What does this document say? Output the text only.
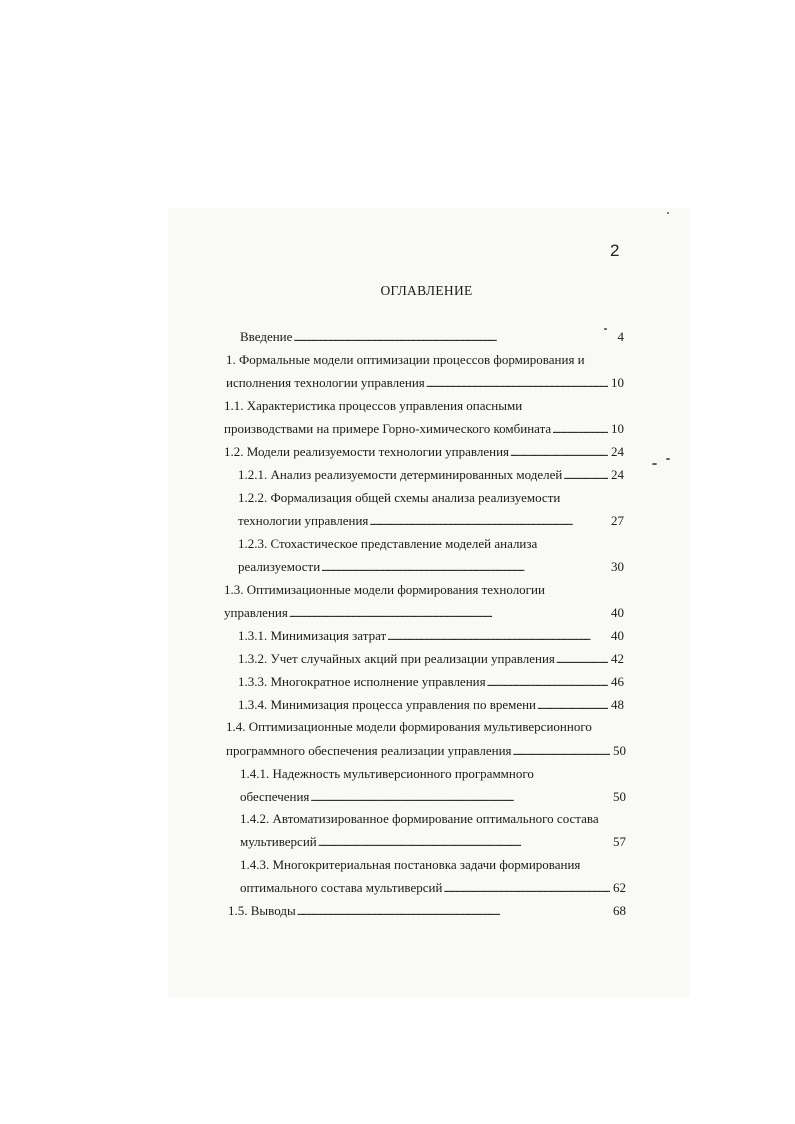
2
ОГЛАВЛЕНИЕ
Введение . . .	4
1. Формальные модели оптимизации процессов формирования и
исполнения технологии управления . . .	10
1.1. Характеристика процессов управления опасными
производствами на примере Горно-химического комбината . . .	10
1.2. Модели реализуемости технологии управления . . .	24
1.2.1. Анализ реализуемости детерминированных моделей . . .	24
1.2.2. Формализация общей схемы анализа реализуемости
технологии управления . . .	27
1.2.3. Стохастическое представление моделей анализа
реализуемости . . .	30
1.3. Оптимизационные модели формирования технологии
управления . . .	40
1.3.1. Минимизация затрат . . .	40
1.3.2. Учет случайных акций при реализации управления . . .	42
1.3.3. Многократное исполнение управления . . .	46
1.3.4. Минимизация процесса управления по времени . . .	48
1.4. Оптимизационные модели формирования мультиверсионного
программного обеспечения реализации управления . . .	50
1.4.1. Надежность мультиверсионного программного
обеспечения . . .	50
1.4.2. Автоматизированное формирование оптимального состава
мультиверсий . . .	57
1.4.3. Многокритериальная постановка задачи формирования
оптимального состава мультиверсий . . .	62
1.5. Выводы . . .	68
